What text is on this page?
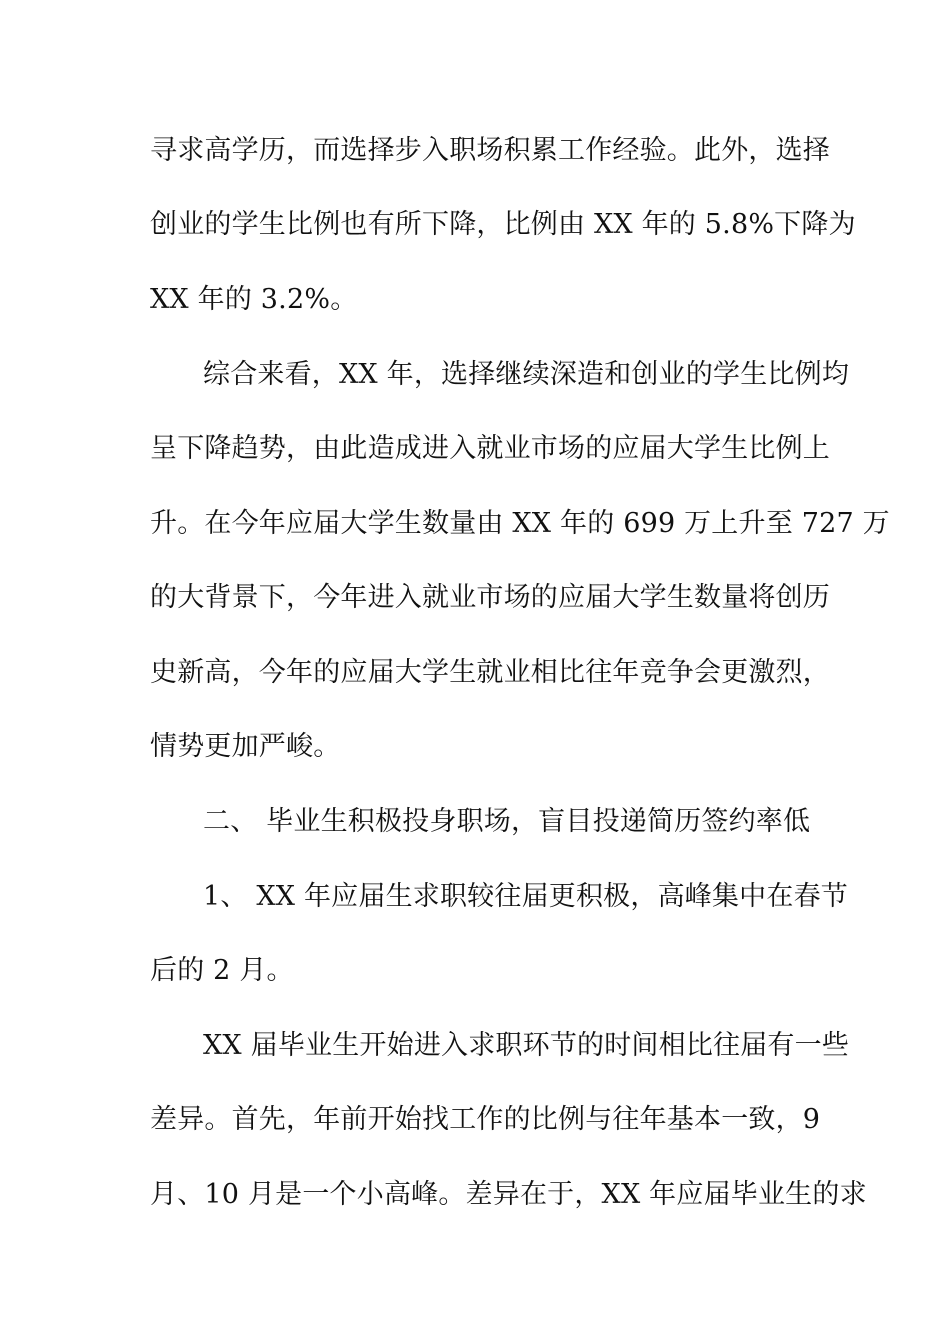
寻求高学历，而选择步入职场积累工作经验。此外，选择
创业的学生比例也有所下降，比例由 XX 年的 5.8%下降为
XX 年的 3.2%。
综合来看，XX 年，选择继续深造和创业的学生比例均
呈下降趋势，由此造成进入就业市场的应届大学生比例上
升。在今年应届大学生数量由 XX 年的 699 万上升至 727 万
的大背景下，今年进入就业市场的应届大学生数量将创历
史新高，今年的应届大学生就业相比往年竞争会更激烈，
情势更加严峻。
二、 毕业生积极投身职场，盲目投递简历签约率低
1、 XX 年应届生求职较往届更积极，高峰集中在春节
后的 2 月。
XX 届毕业生开始进入求职环节的时间相比往届有一些
差异。首先，年前开始找工作的比例与往年基本一致，9
月、10 月是一个小高峰。差异在于，XX 年应届毕业生的求
